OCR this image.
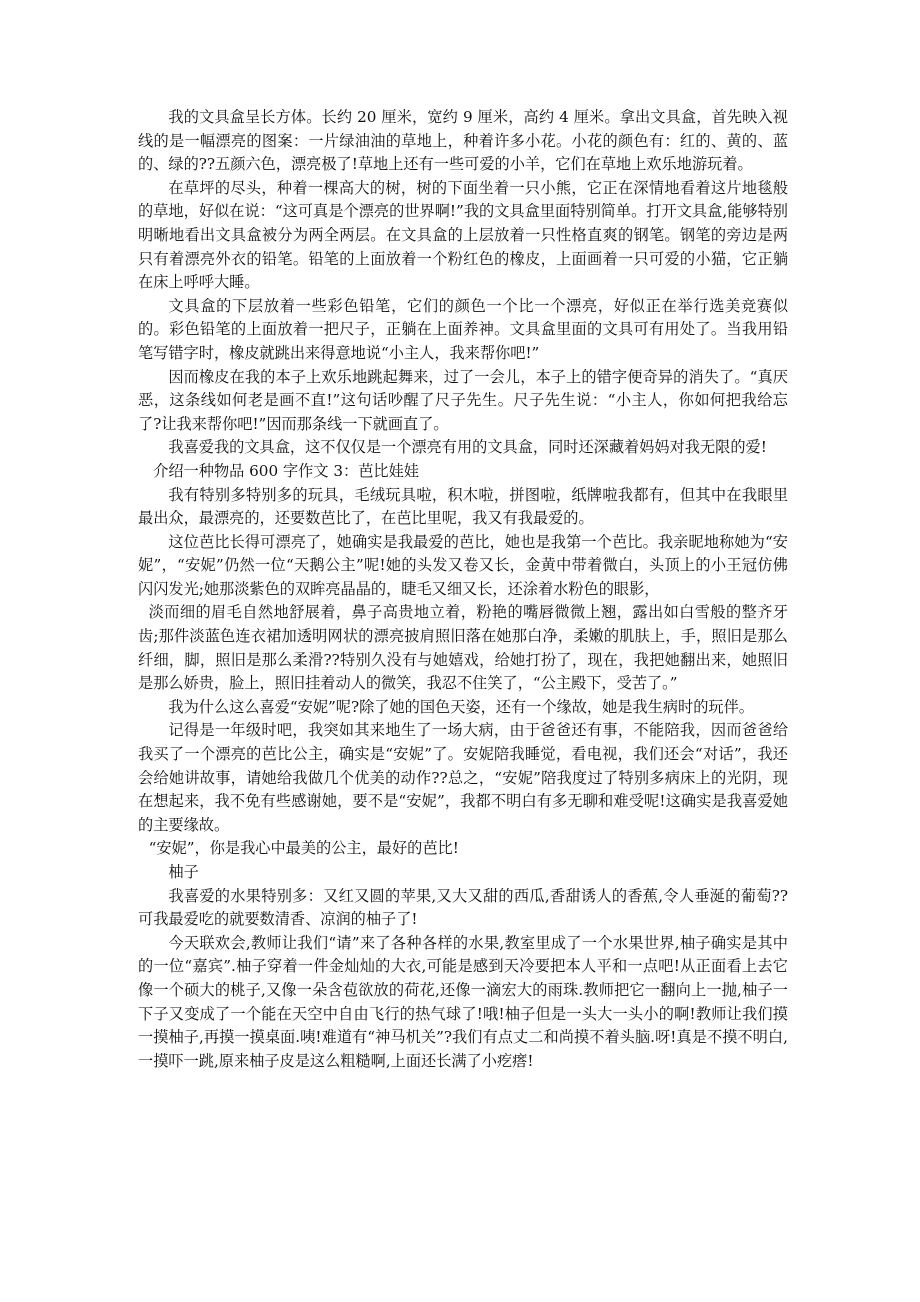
我的文具盒呈长方体。长约 20 厘米，宽约 9 厘米，高约 4 厘米。拿出文具盒，首先映入视线的是一幅漂亮的图案：一片绿油油的草地上，种着许多小花。小花的颜色有：红的、黄的、蓝的、绿的??五颜六色，漂亮极了!草地上还有一些可爱的小羊，它们在草地上欢乐地游玩着。

在草坪的尽头，种着一棵高大的树，树的下面坐着一只小熊，它正在深情地看着这片地毯般的草地，好似在说：“这可真是个漂亮的世界啊!”我的文具盒里面特别简单。打开文具盒,能够特别明晰地看出文具盒被分为两全两层。在文具盒的上层放着一只性格直爽的钢笔。钢笔的旁边是两只有着漂亮外衣的铅笔。铅笔的上面放着一个粉红色的橡皮，上面画着一只可爱的小猫，它正躺在床上呼呼大睡。

文具盒的下层放着一些彩色铅笔，它们的颜色一个比一个漂亮，好似正在举行选美竞赛似的。彩色铅笔的上面放着一把尺子，正躺在上面养神。文具盒里面的文具可有用处了。当我用铅笔写错字时，橡皮就跳出来得意地说“小主人，我来帮你吧!”

因而橡皮在我的本子上欢乐地跳起舞来，过了一会儿，本子上的错字便奇异的消失了。“真厌恶，这条线如何老是画不直!”这句话吵醒了尺子先生。尺子先生说：“小主人，你如何把我给忘了?让我来帮你吧!”因而那条线一下就画直了。

我喜爱我的文具盒，这不仅仅是一个漂亮有用的文具盒，同时还深藏着妈妈对我无限的爱!

介绍一种物品 600 字作文 3：芭比娃娃

我有特别多特别多的玩具，毛绒玩具啦，积木啦，拼图啦，纸牌啦我都有，但其中在我眼里最出众，最漂亮的，还要数芭比了，在芭比里呢，我又有我最爱的。

这位芭比长得可漂亮了，她确实是我最爱的芭比，她也是我第一个芭比。我亲昵地称她为“安妮”，“安妮”仍然一位“天鹅公主”呢!她的头发又卷又长，金黄中带着微白，头顶上的小王冠仿佛闪闪发光;她那淡紫色的双眸亮晶晶的，睫毛又细又长，还涂着水粉色的眼影，

淡而细的眉毛自然地舒展着，鼻子高贵地立着，粉艳的嘴唇微微上翘，露出如白雪般的整齐牙齿;那件淡蓝色连衣裙加透明网状的漂亮披肩照旧落在她那白净，柔嫩的肌肤上，手，照旧是那么纤细，脚，照旧是那么柔滑??特别久没有与她嬉戏，给她打扮了，现在，我把她翻出来，她照旧是那么娇贵，脸上，照旧挂着动人的微笑，我忍不住笑了，“公主殿下，受苦了。”

我为什么这么喜爱“安妮”呢?除了她的国色天姿，还有一个缘故，她是我生病时的玩伴。

记得是一年级时吧，我突如其来地生了一场大病，由于爸爸还有事，不能陪我，因而爸爸给我买了一个漂亮的芭比公主，确实是“安妮”了。安妮陪我睡觉，看电视，我们还会“对话”，我还会给她讲故事，请她给我做几个优美的动作??总之，“安妮”陪我度过了特别多病床上的光阴，现在想起来，我不免有些感谢她，要不是“安妮”，我都不明白有多无聊和难受呢!这确实是我喜爱她的主要缘故。

“安妮”，你是我心中最美的公主，最好的芭比!

柚子

我喜爱的水果特别多：又红又圆的苹果,又大又甜的西瓜,香甜诱人的香蕉,令人垂涎的葡萄??可我最爱吃的就要数清香、凉润的柚子了!

今天联欢会,教师让我们“请”来了各种各样的水果,教室里成了一个水果世界,柚子确实是其中的一位“嘉宾”.柚子穿着一件金灿灿的大衣,可能是感到天冷要把本人平和一点吧!从正面看上去它像一个硕大的桃子,又像一朵含苞欲放的荷花,还像一滴宏大的雨珠.教师把它一翻向上一抛,柚子一下子又变成了一个能在天空中自由飞行的热气球了!哦!柚子但是一头大一头小的啊!教师让我们摸一摸柚子,再摸一摸桌面.咦!难道有“神马机关”?我们有点丈二和尚摸不着头脑.呀!真是不摸不明白,一摸吓一跳,原来柚子皮是这么粗糙啊,上面还长满了小疙瘩!
